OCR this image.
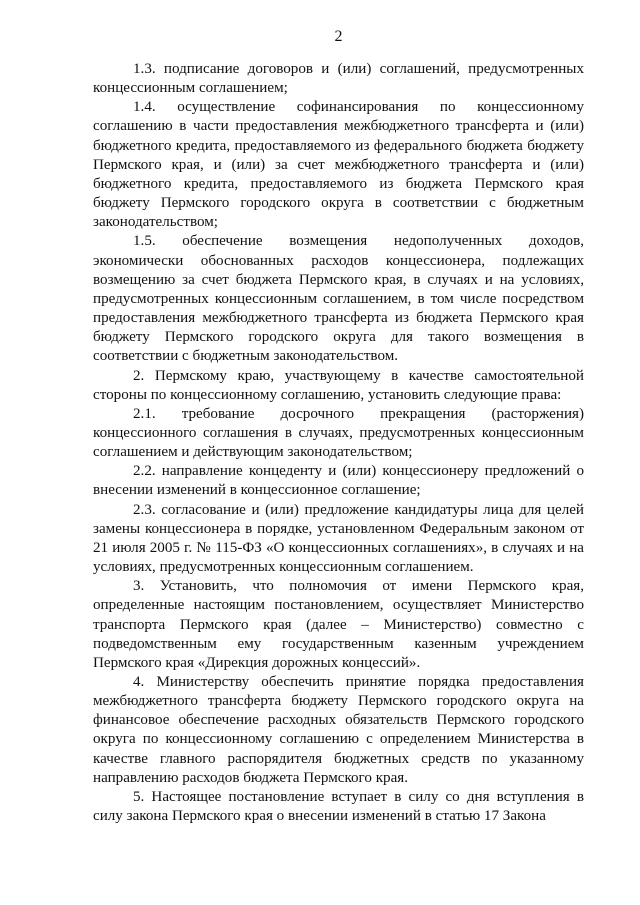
2

1.3. подписание договоров и (или) соглашений, предусмотренных концессионным соглашением;

1.4. осуществление софинансирования по концессионному соглашению в части предоставления межбюджетного трансферта и (или) бюджетного кредита, предоставляемого из федерального бюджета бюджету Пермского края, и (или) за счет межбюджетного трансферта и (или) бюджетного кредита, предоставляемого из бюджета Пермского края бюджету Пермского городского округа в соответствии с бюджетным законодательством;

1.5. обеспечение возмещения недополученных доходов, экономически обоснованных расходов концессионера, подлежащих возмещению за счет бюджета Пермского края, в случаях и на условиях, предусмотренных концессионным соглашением, в том числе посредством предоставления межбюджетного трансферта из бюджета Пермского края бюджету Пермского городского округа для такого возмещения в соответствии с бюджетным законодательством.

2. Пермскому краю, участвующему в качестве самостоятельной стороны по концессионному соглашению, установить следующие права:

2.1. требование досрочного прекращения (расторжения) концессионного соглашения в случаях, предусмотренных концессионным соглашением и действующим законодательством;

2.2. направление концеденту и (или) концессионеру предложений о внесении изменений в концессионное соглашение;

2.3. согласование и (или) предложение кандидатуры лица для целей замены концессионера в порядке, установленном Федеральным законом от 21 июля 2005 г. № 115-ФЗ «О концессионных соглашениях», в случаях и на условиях, предусмотренных концессионным соглашением.

3. Установить, что полномочия от имени Пермского края, определенные настоящим постановлением, осуществляет Министерство транспорта Пермского края (далее – Министерство) совместно с подведомственным ему государственным казенным учреждением Пермского края «Дирекция дорожных концессий».

4. Министерству обеспечить принятие порядка предоставления межбюджетного трансферта бюджету Пермского городского округа на финансовое обеспечение расходных обязательств Пермского городского округа по концессионному соглашению с определением Министерства в качестве главного распорядителя бюджетных средств по указанному направлению расходов бюджета Пермского края.

5. Настоящее постановление вступает в силу со дня вступления в силу закона Пермского края о внесении изменений в статью 17 Закона
